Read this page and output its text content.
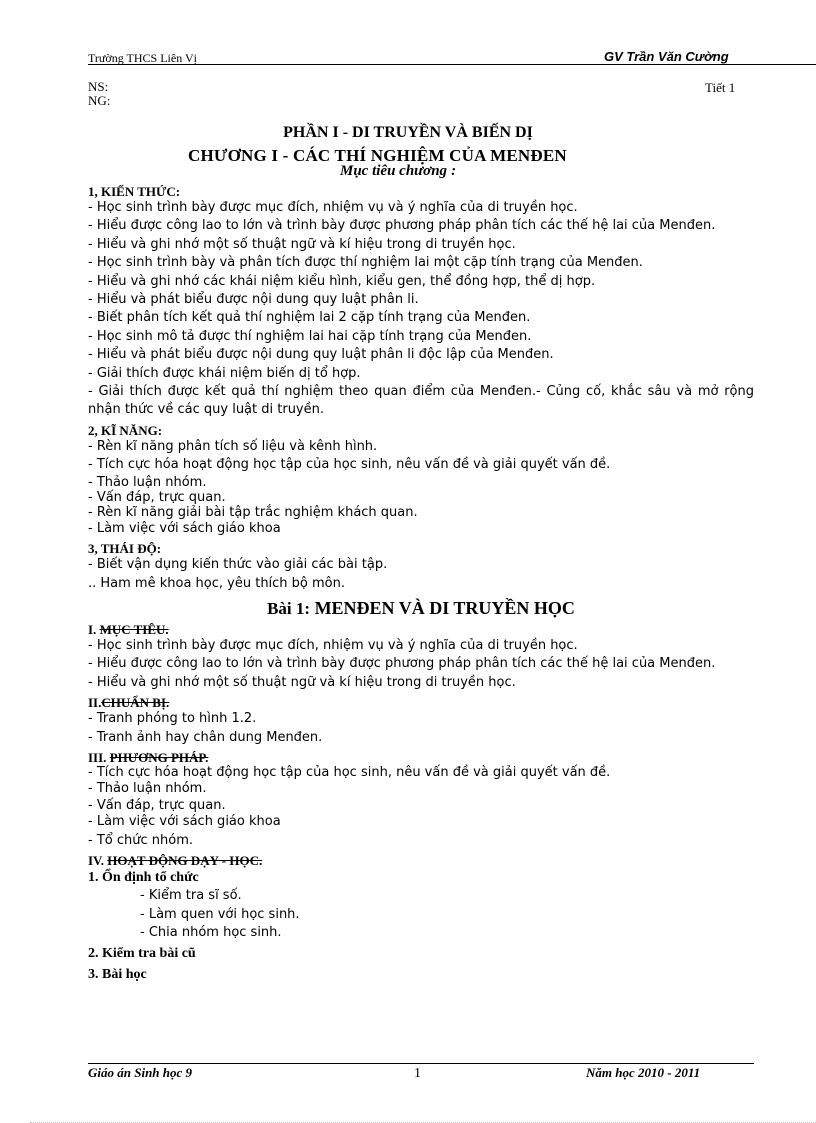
Trường THCS Liên Vị	GV Trần Văn Cường
NS:
NG:
Tiết 1
PHẦN I - DI TRUYỀN VÀ BIẾN DỊ
CHƯƠNG I - CÁC THÍ NGHIỆM CỦA MENĐEN
Mục tiêu chương :

1, KIẾN THỨC:

- Học sinh trình bày được mục đích, nhiệm vụ và ý nghĩa của di truyền học.

- Hiểu được công lao to lớn và trình bày được phương pháp phân tích các thế hệ lai của Menđen.

- Hiểu và ghi nhớ một số thuật ngữ và kí hiệu trong di truyền học.

- Học sinh trình bày và phân tích được thí nghiệm lai một cặp tính trạng của Menđen.

- Hiểu và ghi nhớ các khái niệm kiểu hình, kiểu gen, thể đồng hợp, thể dị hợp.

- Hiểu và phát biểu được nội dung quy luật phân li.

- Biết phân tích kết quả thí nghiệm lai 2 cặp tính trạng của Menđen.

- Học sinh mô tả được thí nghiệm lai hai cặp tính trạng của Menđen.

- Hiểu và phát biểu được nội dung quy luật phân li độc lập của Menđen.

- Giải thích được khái niệm biến dị tổ hợp.

- Giải thích được kết quả thí nghiệm theo quan điểm của Menđen.- Củng cố, khắc sâu và mở rộng nhận thức về các quy luật di truyền.

2, KĨ NĂNG:

- Rèn kĩ năng phân tích số liệu và kênh hình.

- Tích cực hóa hoạt động học tập của học sinh, nêu vấn đề và giải quyết vấn đề.

- Thảo luận nhóm.

- Vấn đáp, trực quan.

- Rèn kĩ năng giải bài tập trắc nghiệm khách quan.

- Làm việc với sách giáo khoa

3, THÁI ĐỘ:

- Biết vận dụng kiến thức vào giải các bài tập.

.. Ham mê khoa học, yêu thích bộ môn.

Bài 1: MENĐEN VÀ DI TRUYỀN HỌC

I. MỤC TIÊU.

- Học sinh trình bày được mục đích, nhiệm vụ và ý nghĩa của di truyền học.

- Hiểu được công lao to lớn và trình bày được phương pháp phân tích các thế hệ lai của Menđen.

- Hiểu và ghi nhớ một số thuật ngữ và kí hiệu trong di truyền học.

II.CHUẨN BỊ.

- Tranh phóng to hình 1.2.

- Tranh ảnh hay chân dung Menđen.

III. PHƯƠNG PHÁP.

- Tích cực hóa hoạt động học tập của học sinh, nêu vấn đề và giải quyết vấn đề.

- Thảo luận nhóm.

- Vấn đáp, trực quan.

- Làm việc với sách giáo khoa

- Tổ chức nhóm.

IV. HOẠT ĐỘNG DẠY - HỌC.

1. Ổn định tổ chức

- Kiểm tra sĩ số.

- Làm quen với học sinh.

- Chia nhóm học sinh.

2. Kiểm tra bài cũ

3. Bài học

Giáo án Sinh học 9	1	Năm học 2010 - 2011
